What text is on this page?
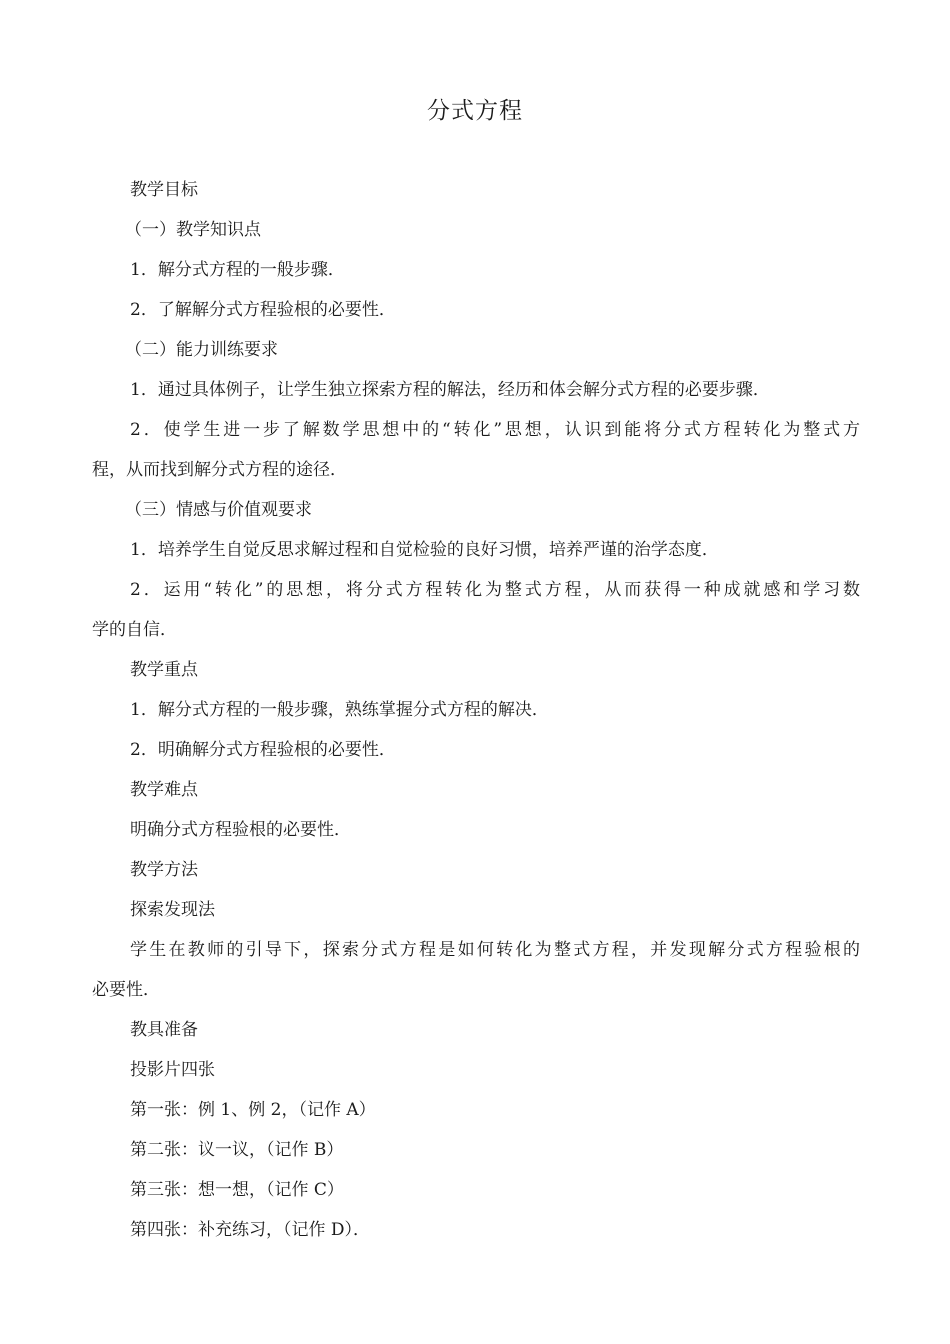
分式方程

教学目标

（一）教学知识点

1．解分式方程的一般步骤．

2．了解解分式方程验根的必要性．

（二）能力训练要求

1．通过具体例子，让学生独立探索方程的解法，经历和体会解分式方程的必要步骤．

2．使学生进一步了解数学思想中的“转化”思想，认识到能将分式方程转化为整式方

程，从而找到解分式方程的途径．

（三）情感与价值观要求

1．培养学生自觉反思求解过程和自觉检验的良好习惯，培养严谨的治学态度．

2．运用“转化”的思想，将分式方程转化为整式方程，从而获得一种成就感和学习数

学的自信．

教学重点

1．解分式方程的一般步骤，熟练掌握分式方程的解决．

2．明确解分式方程验根的必要性．

教学难点

明确分式方程验根的必要性．

教学方法

探索发现法

学生在教师的引导下，探索分式方程是如何转化为整式方程，并发现解分式方程验根的

必要性．

教具准备

投影片四张

第一张：例 1、例 2，（记作 A）

第二张：议一议，（记作 B）

第三张：想一想，（记作 C）

第四张：补充练习，（记作 D）．
